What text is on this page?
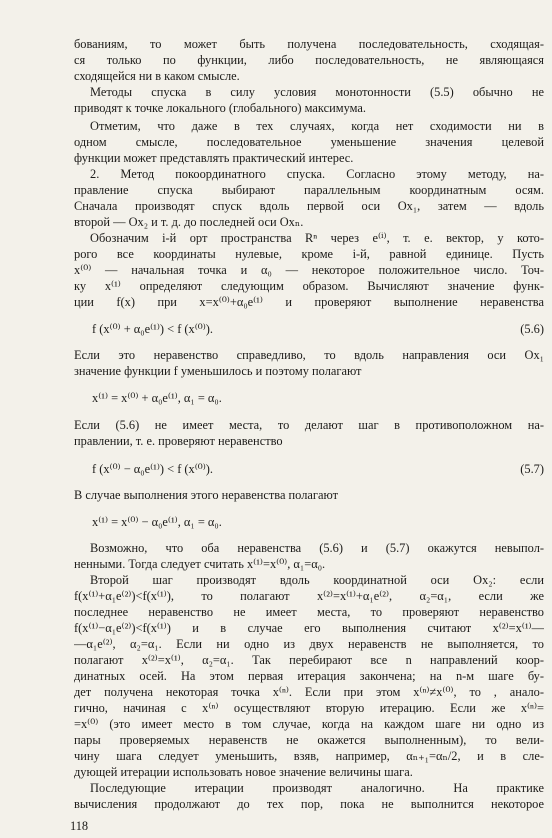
бованиям, то может быть получена последовательность, сходящая-
ся только по функции, либо последовательность, не являющаяся
сходящейся ни в каком смысле.
Методы спуска в силу условия монотонности (5.5) обычно не
приводят к точке локального (глобального) максимума.
Отметим, что даже в тех случаях, когда нет сходимости ни в
одном смысле, последовательное уменьшение значения целевой
функции может представлять практический интерес.
2. Метод покоординатного спуска. Согласно этому методу, на-
правление спуска выбирают параллельным координатным осям.
Сначала производят спуск вдоль первой оси Ox₁, затем — вдоль
второй — Ox₂ и т. д. до последней оси Oxₙ.
Обозначим i-й орт пространства Rⁿ через e⁽ⁱ⁾, т. е. вектор, у кото-
рого все координаты нулевые, кроме i-й, равной единице. Пусть
x⁽⁰⁾ — начальная точка и α₀ — некоторое положительное число. Точ-
ку x⁽¹⁾ определяют следующим образом. Вычисляют значение функ-
ции f(x) при x=x⁽⁰⁾+α₀e⁽¹⁾ и проверяют выполнение неравенства
f (x⁽⁰⁾ + α₀e⁽¹⁾) < f (x⁽⁰⁾).	(5.6)
Если это неравенство справедливо, то вдоль направления оси Ox₁
значение функции f уменьшилось и поэтому полагают
x⁽¹⁾ = x⁽⁰⁾ + α₀e⁽¹⁾, α₁ = α₀.
Если (5.6) не имеет места, то делают шаг в противоположном на-
правлении, т. е. проверяют неравенство
f (x⁽⁰⁾ − α₀e⁽¹⁾) < f (x⁽⁰⁾).	(5.7)
В случае выполнения этого неравенства полагают
x⁽¹⁾ = x⁽⁰⁾ − α₀e⁽¹⁾, α₁ = α₀.
Возможно, что оба неравенства (5.6) и (5.7) окажутся невыпол-
ненными. Тогда следует считать x⁽¹⁾=x⁽⁰⁾, α₁=α₀.
Второй шаг производят вдоль координатной оси Ox₂: если
f(x⁽¹⁾+α₁e⁽²⁾)<f(x⁽¹⁾), то полагают x⁽²⁾=x⁽¹⁾+α₁e⁽²⁾, α₂=α₁, если же
последнее неравенство не имеет места, то проверяют неравенство
f(x⁽¹⁾−α₁e⁽²⁾)<f(x⁽¹⁾) и в случае его выполнения считают x⁽²⁾=x⁽¹⁾—
—α₁e⁽²⁾, α₂=α₁. Если ни одно из двух неравенств не выполняется, то
полагают x⁽²⁾=x⁽¹⁾, α₂=α₁. Так перебирают все n направлений коор-
динатных осей. На этом первая итерация закончена; на n-м шаге бу-
дет получена некоторая точка x⁽ⁿ⁾. Если при этом x⁽ⁿ⁾≠x⁽⁰⁾, то , анало-
гично, начиная с x⁽ⁿ⁾ осуществляют вторую итерацию. Если же x⁽ⁿ⁾=
=x⁽⁰⁾ (это имеет место в том случае, когда на каждом шаге ни одно из
пары проверяемых неравенств не окажется выполненным), то вели-
чину шага следует уменьшить, взяв, например, αₙ₊₁=αₙ/2, и в сле-
дующей итерации использовать новое значение величины шага.
Последующие итерации производят аналогично. На практике
вычисления продолжают до тех пор, пока не выполнится некоторое
118
